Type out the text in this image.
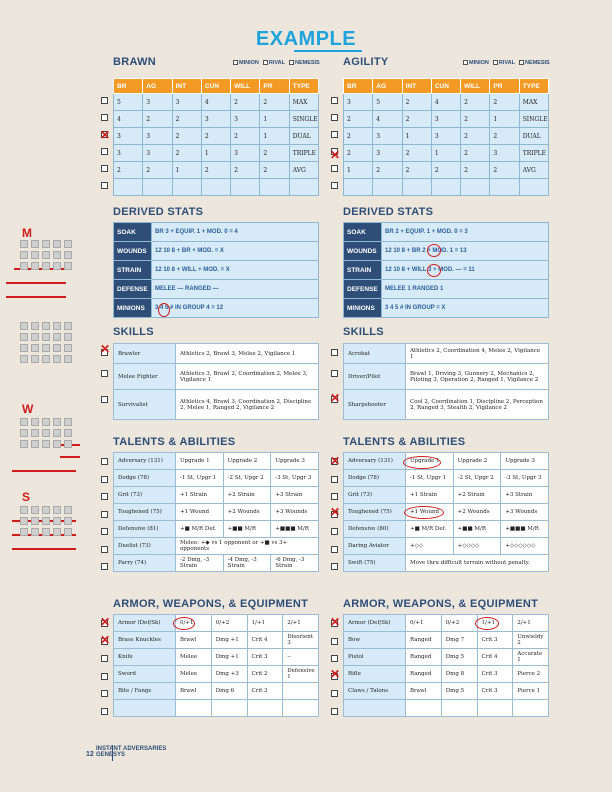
EXAMPLE
BRAWN	MINION	RIVAL	NEMESIS
BR	AG	INT	CUN	WILL	PR	TYPE
5	3	3	4	2	2	MAX
4	2	2	3	3	1	SINGLE
3	3	2	2	2	1	DUAL
3	3	2	1	3	2	TRIPLE
2	2	1	2	2	2	AVG

DERIVED STATS
SOAK	BR 3 + EQUIP. 1 + MOD. 0 = 4
WOUNDS	12 10 8 + BR + MOD. = X
STRAIN	12 10 8 + WILL + MOD. = X
DEFENSE	MELEE — RANGED —
MINIONS	3 4 5 # IN GROUP 4 = 12
SKILLS
Brawler	Athletics 2, Brawl 3, Melee 2, Vigilance 1
Melee Fighter	Athletics 3, Brawl 2, Coordination 2, Melee 3, Vigilance 1
Survivalist	Athletics 4, Brawl 3, Coordination 2, Discipline 2, Melee 1, Ranged 2, Vigilance 2
TALENTS & ABILITIES
Adversary (131)	Upgrade 1	Upgrade 2	Upgrade 3
Dodge (78)	-1 St, Upgr 1	-2 St, Upgr 2	-3 St, Upgr 3
Grit (73)	+1 Strain	+2 Strain	+3 Strain
Toughened (75)	+1 Wound	+2 Wounds	+3 Wounds
Defensive (81)	+■ M/R Def.	+■■ M/R	+■■■ M/R
Duelist (73)	Melee: +◆ vs 1 opponent or +■ vs 3+ opponents		
Parry (74)	-2 Dmg, -3 Strain	-4 Dmg, -3 Strain	-6 Dmg, -3 Strain
ARMOR, WEAPONS, & EQUIPMENT
Armor (Def/Sk)	0/+1	0/+2	1/+1	2/+1
Brass Knuckles	Brawl	Dmg +1	Crit 4	Disorient 3
Knife	Melee	Dmg +1	Crit 3	--
Sword	Melee	Dmg +3	Crit 2	Defensive 1
Bite / Fangs	Brawl	Dmg 6	Crit 3	

AGILITY	MINION	RIVAL	NEMESIS
BR	AG	INT	CUN	WILL	PR	TYPE
3	5	2	4	2	2	MAX
2	4	2	3	2	1	SINGLE
2	3	1	3	2	2	DUAL
2	3	2	1	2	3	TRIPLE
1	2	2	2	2	2	AVG

DERIVED STATS
SOAK	BR 2 + EQUIP. 1 + MOD. 0 = 3
WOUNDS	12 10 8 + BR 2 + MOD. 1 = 13
STRAIN	12 10 8 + WILL 3 + MOD. — = 11
DEFENSE	MELEE 1 RANGED 1
MINIONS	3 4 5 # IN GROUP = X
SKILLS
Acrobat	Athletics 2, Coordination 4, Melee 2, Vigilance 1
Driver/Pilot	Brawl 1, Driving 3, Gunnery 2, Mechanics 2, Piloting 3, Operation 2, Ranged 1, Vigilance 2
Sharpshooter	Cool 2, Coordination 1, Discipline 2, Perception 2, Ranged 3, Stealth 2, Vigilance 2
TALENTS & ABILITIES
Adversary (131)	Upgrade 1	Upgrade 2	Upgrade 3
Dodge (78)	-1 St, Upgr 1	-2 St, Upgr 2	-3 St, Upgr 3
Grit (73)	+1 Strain	+2 Strain	+3 Strain
Toughened (75)	+1 Wound	+2 Wounds	+3 Wounds
Defensive (80)	+■ M/R Def.	+■■ M/R	+■■■ M/R
Daring Aviator	+◇◇	+◇◇◇◇	+◇◇◇◇◇◇
Swift (75)	Move thru difficult terrain without penalty.		
ARMOR, WEAPONS, & EQUIPMENT
Armor (Def/Sk)	0/+1	0/+2	1/+1	2/+1
Bow	Ranged	Dmg 7	Crit 3	Unwieldy 2
Pistol	Ranged	Dmg 5	Crit 4	Accurate 1
Rifle	Ranged	Dmg 8	Crit 3	Pierce 2
Claws / Talons	Brawl	Dmg 5	Crit 3	Pierce 1

✕
✕
✕
✕
✕
✕
✕
✕
✕
✕
M
W
S
12
INSTANT ADVERSARIES
GENESYS
